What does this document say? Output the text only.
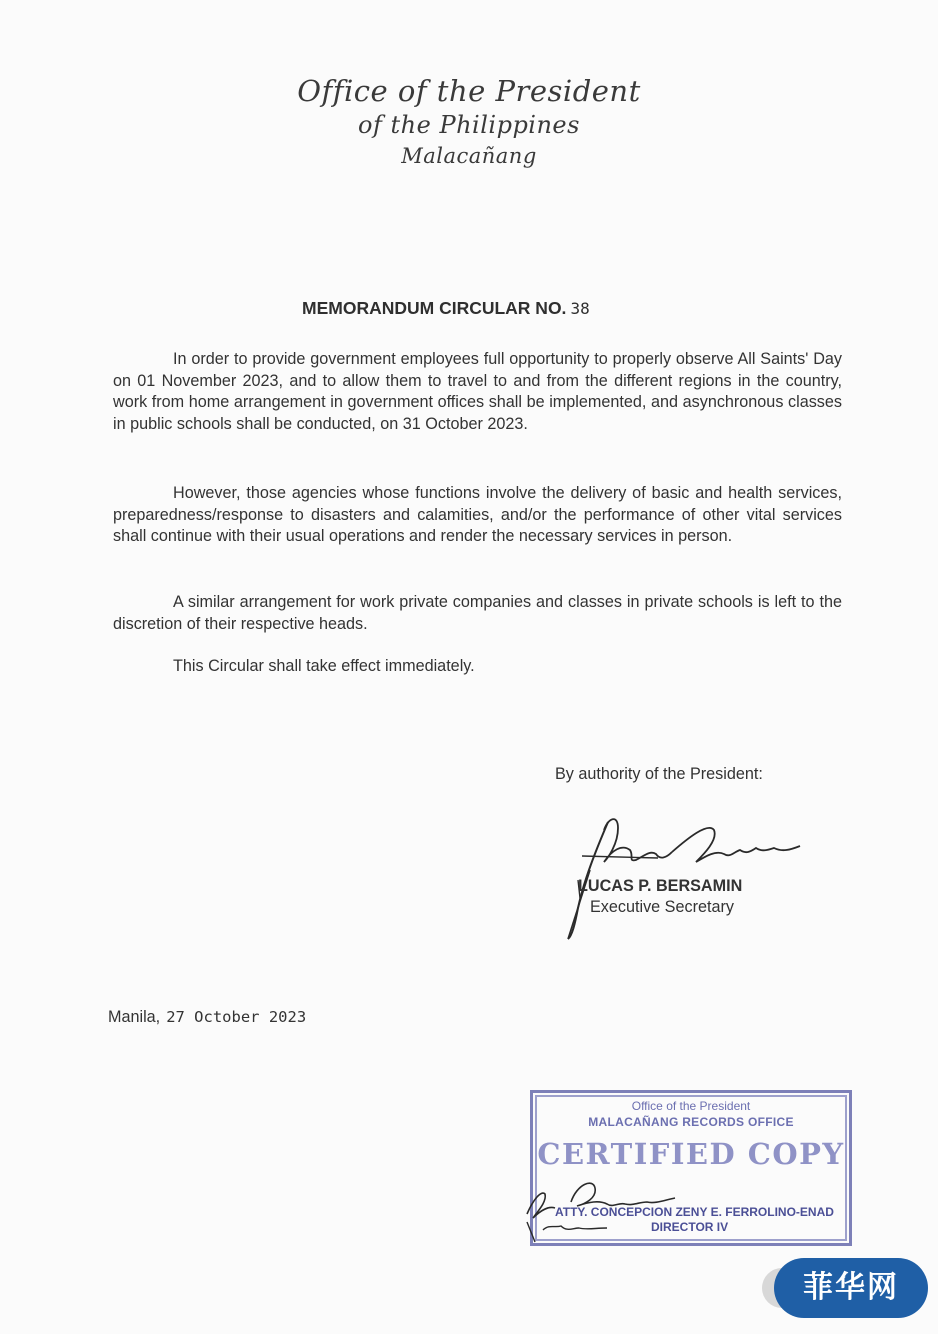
Office of the President
of the Philippines
Malacañang
MEMORANDUM CIRCULAR NO. 38

In order to provide government employees full opportunity to properly observe All Saints' Day on 01 November 2023, and to allow them to travel to and from the different regions in the country, work from home arrangement in government offices shall be implemented, and asynchronous classes in public schools shall be conducted, on 31 October 2023.

However, those agencies whose functions involve the delivery of basic and health services, preparedness/response to disasters and calamities, and/or the performance of other vital services shall continue with their usual operations and render the necessary services in person.

A similar arrangement for work private companies and classes in private schools is left to the discretion of their respective heads.

This Circular shall take effect immediately.

By authority of the President:
LUCAS P. BERSAMIN
Executive Secretary
Manila, 27 October 2023
Office of the President
MALACAÑANG RECORDS OFFICE
CERTIFIED COPY
ATTY. CONCEPCION ZENY E. FERROLINO-ENAD
DIRECTOR IV
菲华网
